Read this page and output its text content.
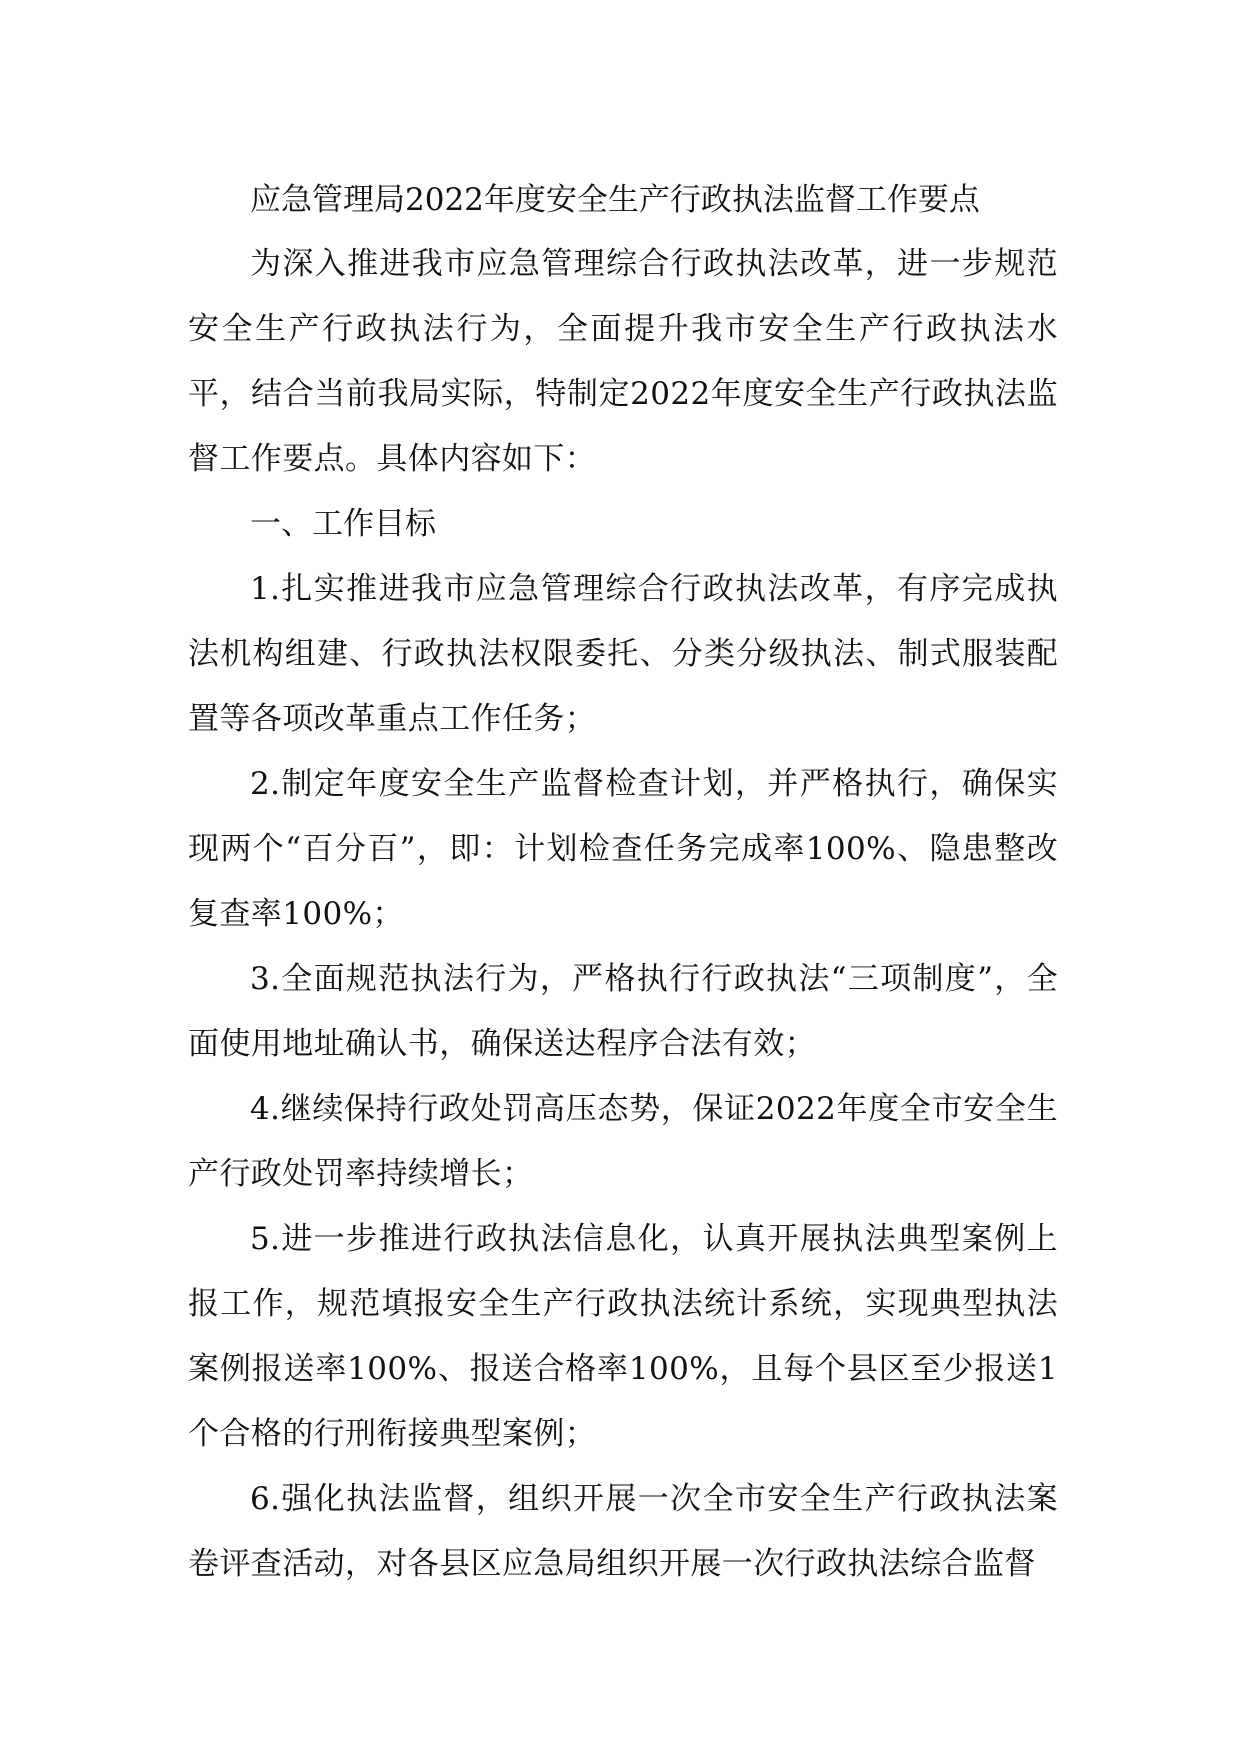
应急管理局2022年度安全生产行政执法监督工作要点

为深入推进我市应急管理综合行政执法改革，进一步规范安全生产行政执法行为，全面提升我市安全生产行政执法水平，结合当前我局实际，特制定2022年度安全生产行政执法监督工作要点。具体内容如下：

一、工作目标

1.扎实推进我市应急管理综合行政执法改革，有序完成执法机构组建、行政执法权限委托、分类分级执法、制式服装配置等各项改革重点工作任务；

2.制定年度安全生产监督检查计划，并严格执行，确保实现两个“百分百”，即：计划检查任务完成率100%、隐患整改复查率100%；

3.全面规范执法行为，严格执行行政执法“三项制度”，全面使用地址确认书，确保送达程序合法有效；

4.继续保持行政处罚高压态势，保证2022年度全市安全生产行政处罚率持续增长；

5.进一步推进行政执法信息化，认真开展执法典型案例上报工作，规范填报安全生产行政执法统计系统，实现典型执法案例报送率100%、报送合格率100%，且每个县区至少报送1个合格的行刑衔接典型案例；

6.强化执法监督，组织开展一次全市安全生产行政执法案卷评查活动，对各县区应急局组织开展一次行政执法综合监督
